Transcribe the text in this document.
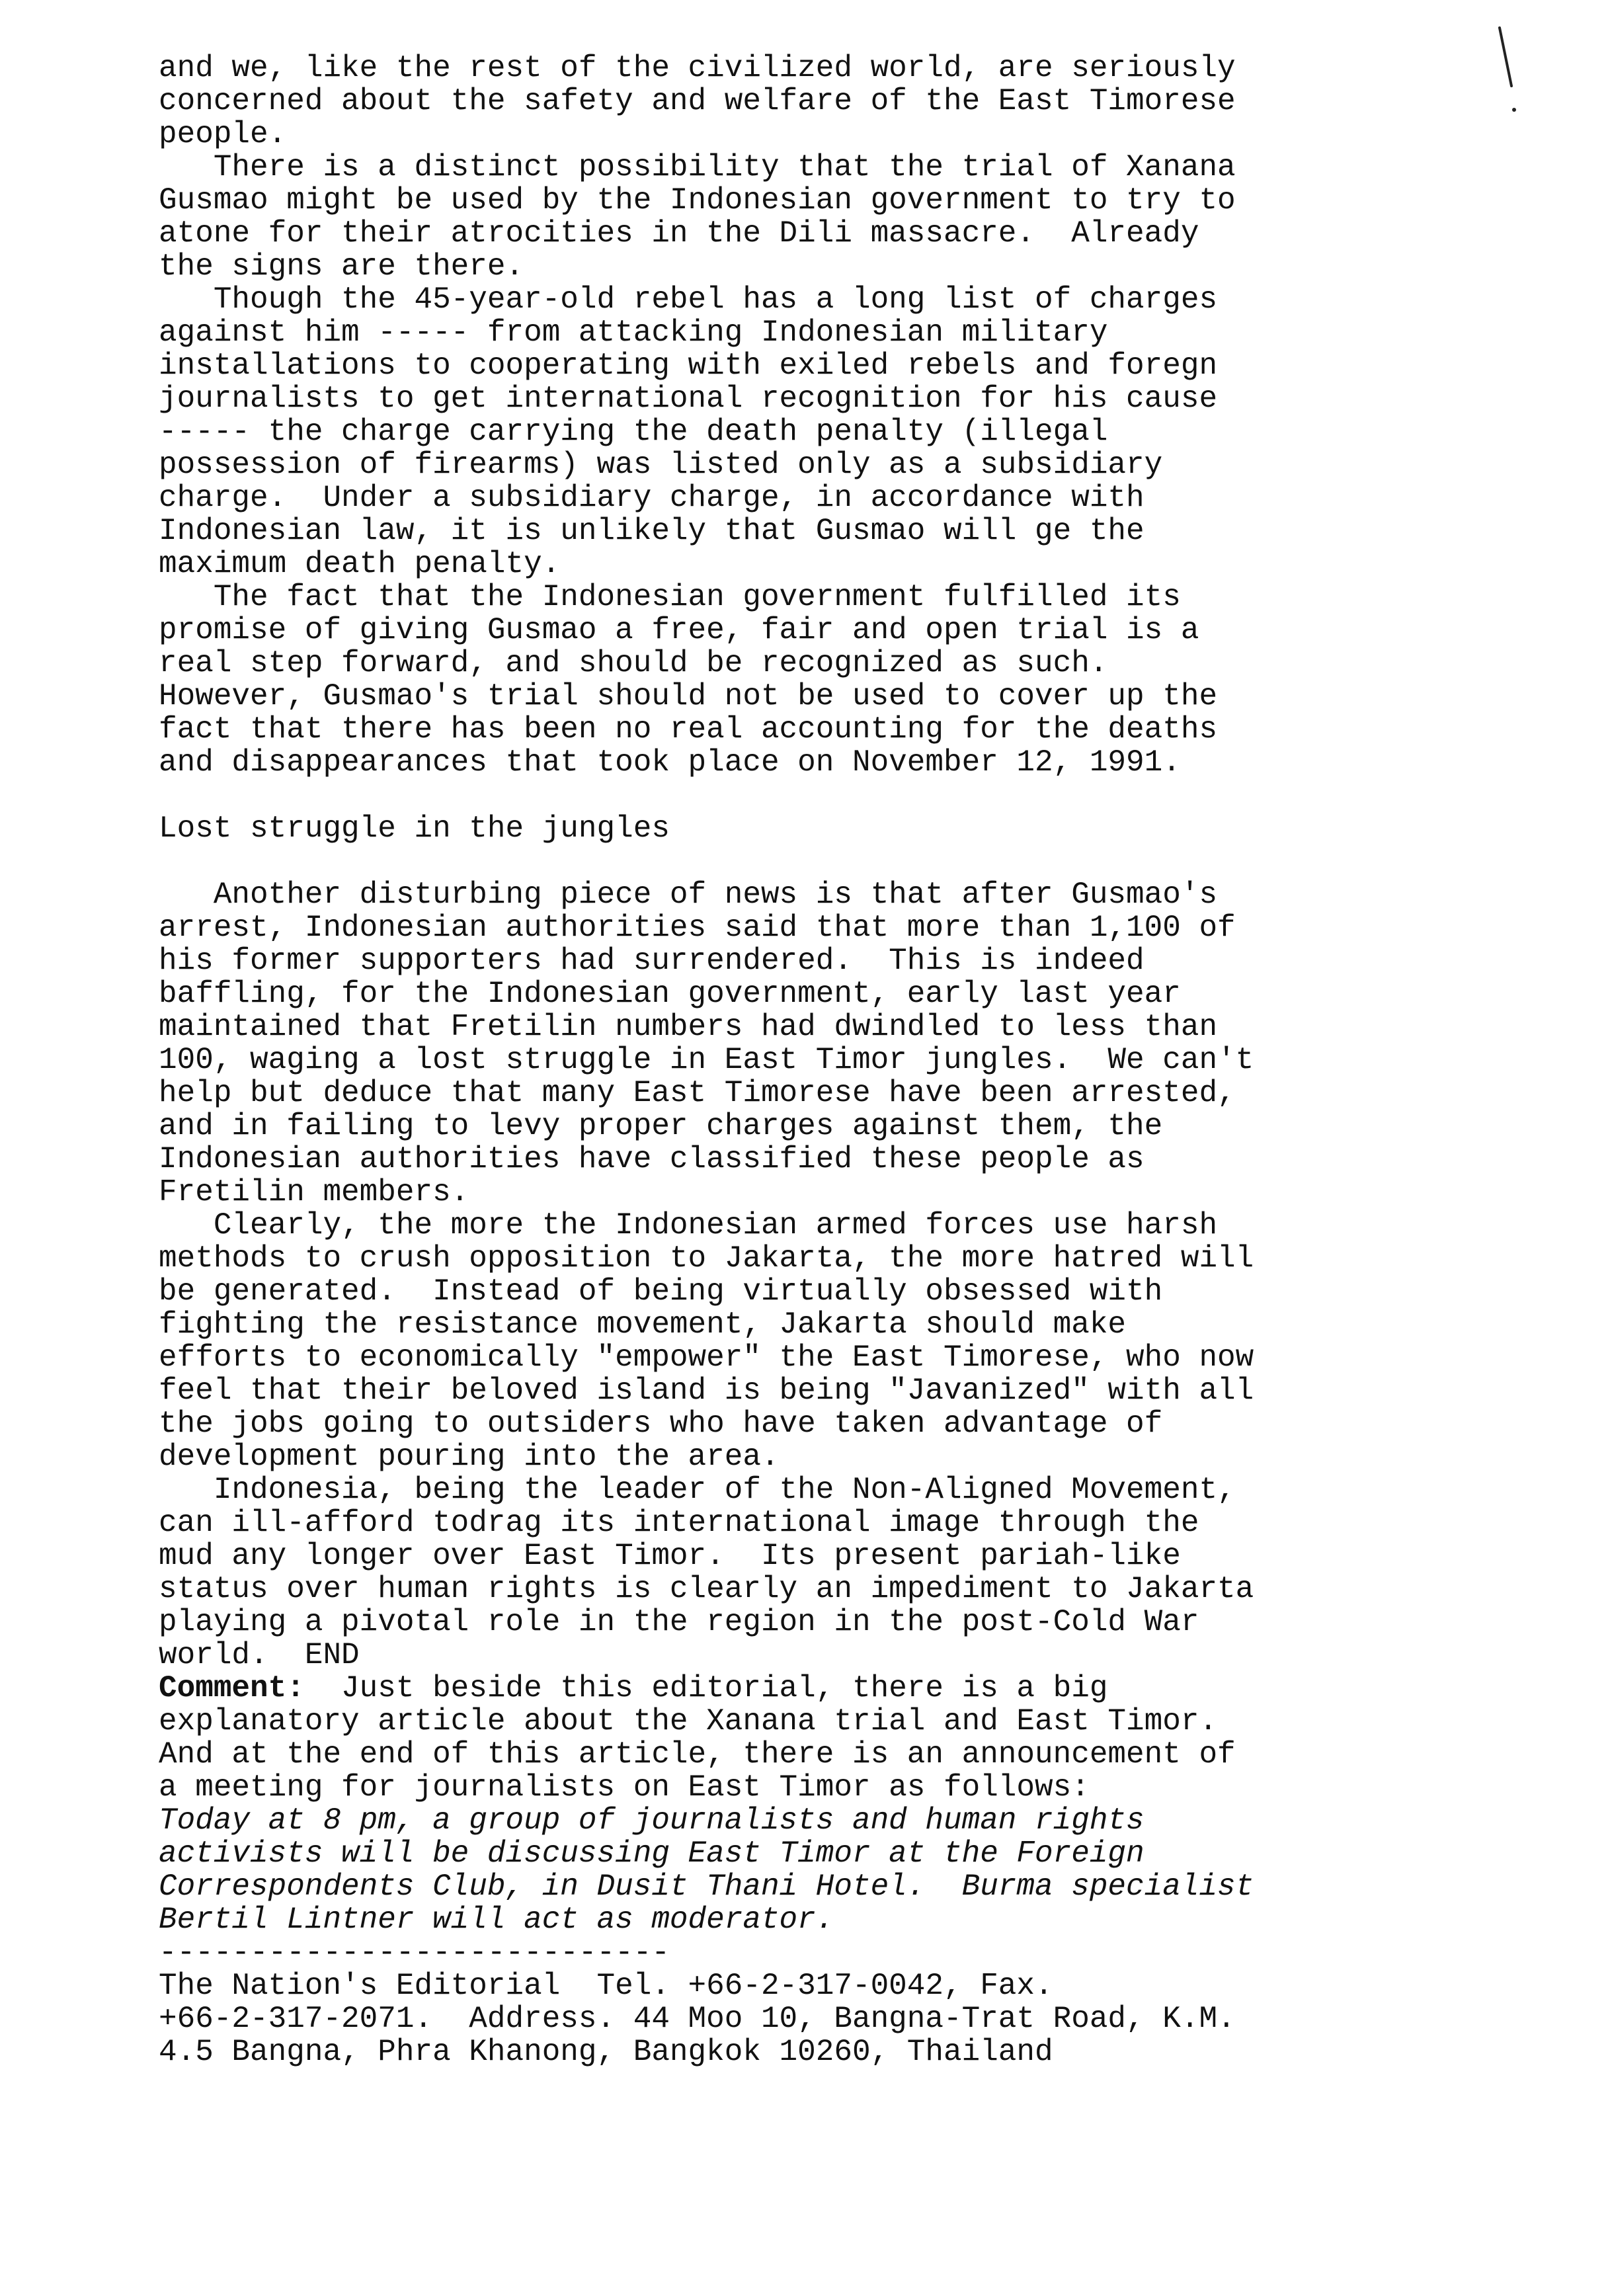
and we, like the rest of the civilized world, are seriously
concerned about the safety and welfare of the East Timorese
people.
There is a distinct possibility that the trial of Xanana
Gusmao might be used by the Indonesian government to try to
atone for their atrocities in the Dili massacre.  Already
the signs are there.
Though the 45-year-old rebel has a long list of charges
against him ----- from attacking Indonesian military
installations to cooperating with exiled rebels and foregn
journalists to get international recognition for his cause
----- the charge carrying the death penalty (illegal
possession of firearms) was listed only as a subsidiary
charge.  Under a subsidiary charge, in accordance with
Indonesian law, it is unlikely that Gusmao will ge the
maximum death penalty.
The fact that the Indonesian government fulfilled its
promise of giving Gusmao a free, fair and open trial is a
real step forward, and should be recognized as such.
However, Gusmao's trial should not be used to cover up the
fact that there has been no real accounting for the deaths
and disappearances that took place on November 12, 1991.
Lost struggle in the jungles
Another disturbing piece of news is that after Gusmao's
arrest, Indonesian authorities said that more than 1,100 of
his former supporters had surrendered.  This is indeed
baffling, for the Indonesian government, early last year
maintained that Fretilin numbers had dwindled to less than
100, waging a lost struggle in East Timor jungles.  We can't
help but deduce that many East Timorese have been arrested,
and in failing to levy proper charges against them, the
Indonesian authorities have classified these people as
Fretilin members.
Clearly, the more the Indonesian armed forces use harsh
methods to crush opposition to Jakarta, the more hatred will
be generated.  Instead of being virtually obsessed with
fighting the resistance movement, Jakarta should make
efforts to economically "empower" the East Timorese, who now
feel that their beloved island is being "Javanized" with all
the jobs going to outsiders who have taken advantage of
development pouring into the area.
Indonesia, being the leader of the Non-Aligned Movement,
can ill-afford todrag its international image through the
mud any longer over East Timor.  Its present pariah-like
status over human rights is clearly an impediment to Jakarta
playing a pivotal role in the region in the post-Cold War
world.  END
Comment:  Just beside this editorial, there is a big
explanatory article about the Xanana trial and East Timor.
And at the end of this article, there is an announcement of
a meeting for journalists on East Timor as follows:
Today at 8 pm, a group of journalists and human rights
activists will be discussing East Timor at the Foreign
Correspondents Club, in Dusit Thani Hotel.  Burma specialist
Bertil Lintner will act as moderator.
----------------------------
The Nation's Editorial  Tel. +66-2-317-0042, Fax.
+66-2-317-2071.  Address. 44 Moo 10, Bangna-Trat Road, K.M.
4.5 Bangna, Phra Khanong, Bangkok 10260, Thailand
